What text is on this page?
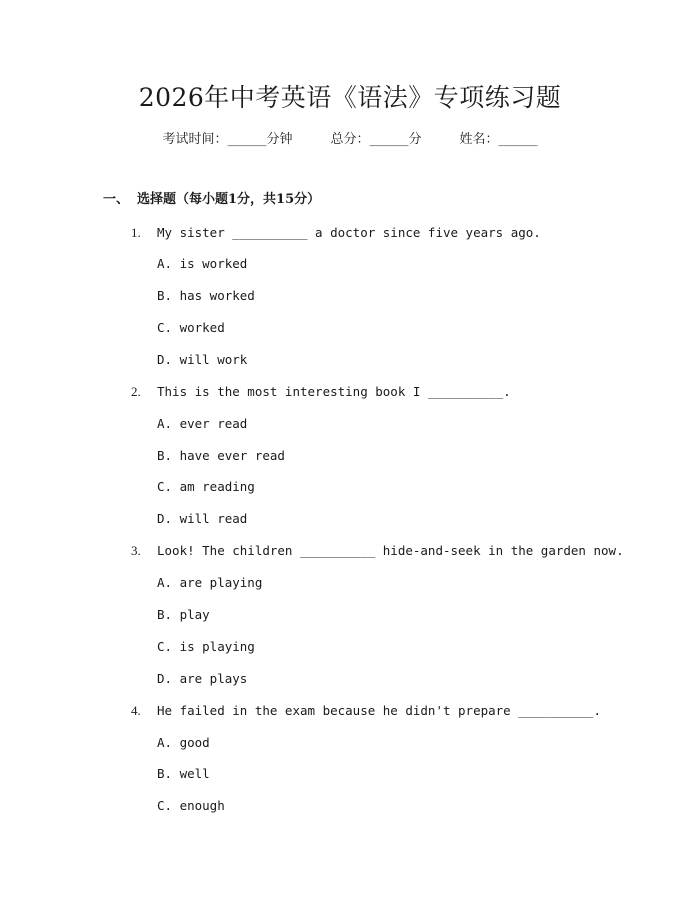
2026年中考英语《语法》专项练习题
考试时间：______分钟	总分：______分	姓名：______
一、 选择题（每小题1分，共15分）
1. My sister __________ a doctor since five years ago.
A. is worked
B. has worked
C. worked
D. will work
2. This is the most interesting book I __________.
A. ever read
B. have ever read
C. am reading
D. will read
3. Look! The children __________ hide-and-seek in the garden now.
A. are playing
B. play
C. is playing
D. are plays
4. He failed in the exam because he didn't prepare __________.
A. good
B. well
C. enough
